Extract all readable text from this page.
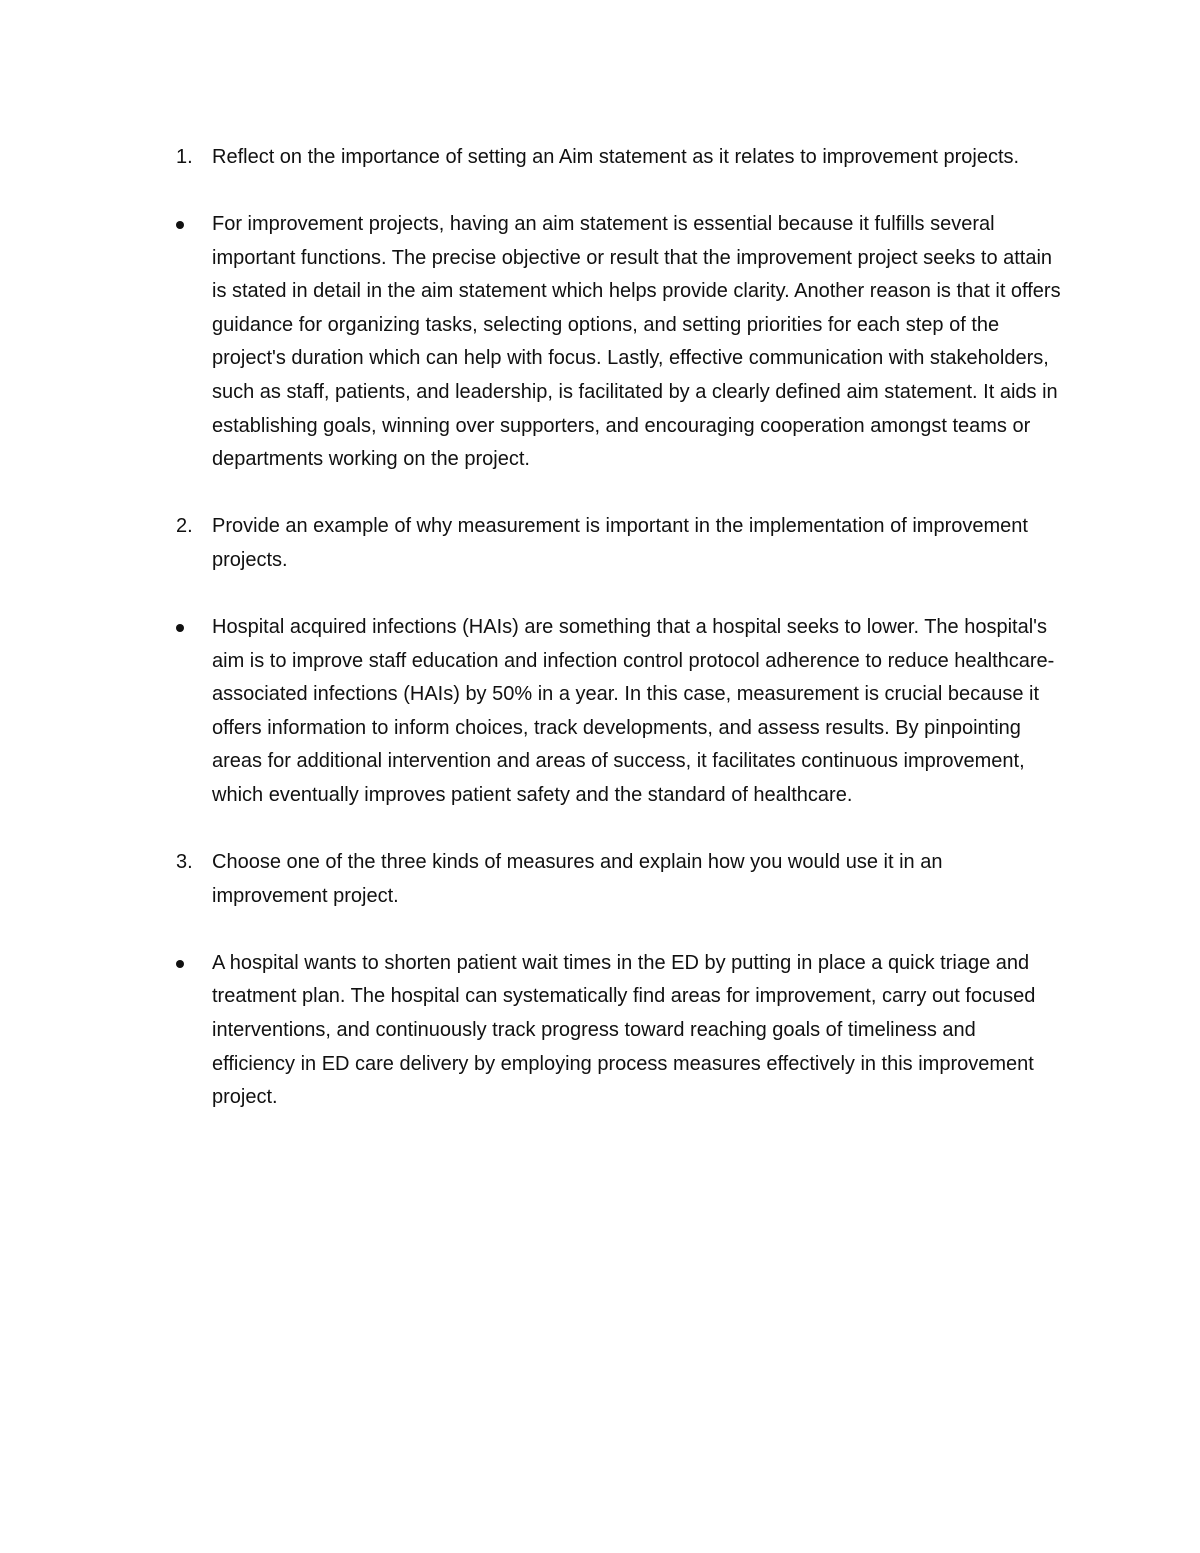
1. Reflect on the importance of setting an Aim statement as it relates to improvement projects.
For improvement projects, having an aim statement is essential because it fulfills several important functions. The precise objective or result that the improvement project seeks to attain is stated in detail in the aim statement which helps provide clarity. Another reason is that it offers guidance for organizing tasks, selecting options, and setting priorities for each step of the project's duration which can help with focus. Lastly, effective communication with stakeholders, such as staff, patients, and leadership, is facilitated by a clearly defined aim statement. It aids in establishing goals, winning over supporters, and encouraging cooperation amongst teams or departments working on the project.
2. Provide an example of why measurement is important in the implementation of improvement projects.
Hospital acquired infections (HAIs) are something that a hospital seeks to lower. The hospital's aim is to improve staff education and infection control protocol adherence to reduce healthcare-associated infections (HAIs) by 50% in a year. In this case, measurement is crucial because it offers information to inform choices, track developments, and assess results. By pinpointing areas for additional intervention and areas of success, it facilitates continuous improvement, which eventually improves patient safety and the standard of healthcare.
3. Choose one of the three kinds of measures and explain how you would use it in an improvement project.
A hospital wants to shorten patient wait times in the ED by putting in place a quick triage and treatment plan. The hospital can systematically find areas for improvement, carry out focused interventions, and continuously track progress toward reaching goals of timeliness and efficiency in ED care delivery by employing process measures effectively in this improvement project.
